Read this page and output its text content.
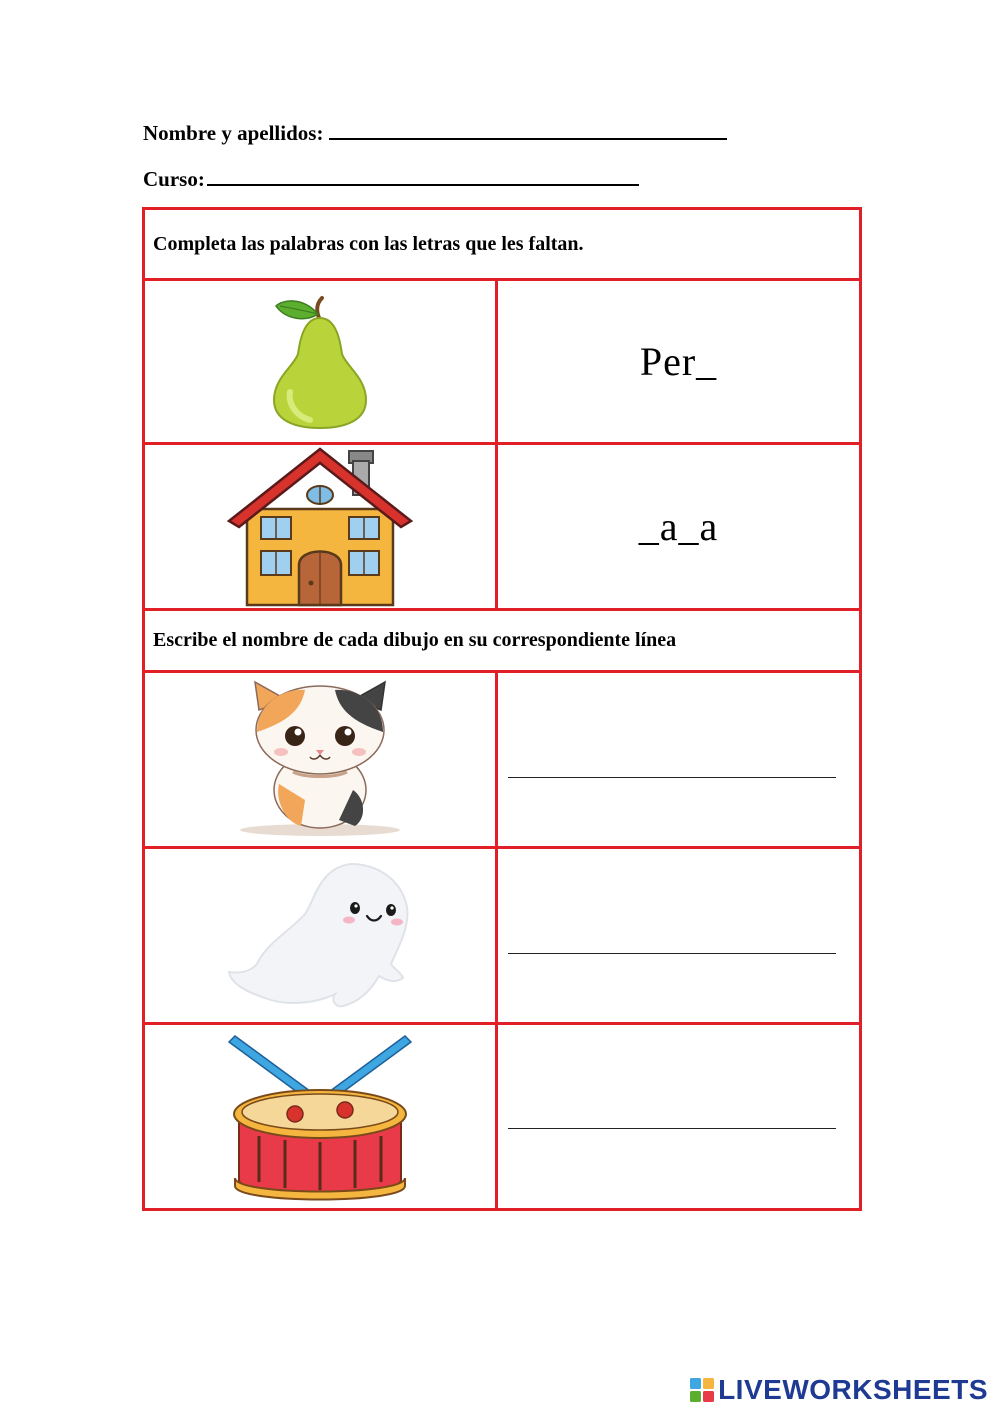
Nombre y apellidos:
Curso:
Completa las palabras con las letras que les faltan.
Per_
_a_a
Escribe el nombre de cada dibujo en su correspondiente línea
LIVEWORKSHEETS
